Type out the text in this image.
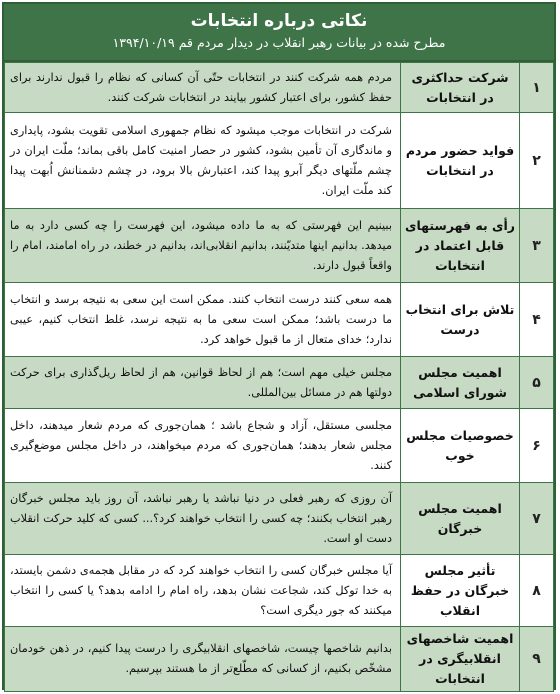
نکاتی درباره انتخابات
مطرح شده در بیانات رهبر انقلاب در دیدار مردم قم ۱۳۹۴/۱۰/۱۹
۱	شرکت حداکثری در انتخابات	مردم همه شرکت کنند در انتخابات حتّی آن کسانی که نظام را قبول ندارند برای حفظ کشور، برای اعتبار کشور بیایند در انتخابات شرکت کنند.
۲	فواید حضور مردم در انتخابات	شرکت در انتخابات موجب میشود که نظام جمهوری اسلامی تقویت بشود، پایداری و ماندگاری آن تأمین بشود، کشور در حصار امنیت کامل باقی بماند؛ ملّت ایران در چشم ملّتهای دیگر آبرو پیدا کند، اعتبارش بالا برود، در چشم دشمنانش اُبهت پیدا کند ملّت ایران.
۳	رأی به فهرستهای قابل اعتماد در انتخابات	ببینیم این فهرستی که به ما داده میشود، این فهرست را چه کسی دارد به ما میدهد. بدانیم اینها متدیّنند، بدانیم انقلابی‌اند، بدانیم در خطند، در راه امامند، امام را واقعاً قبول دارند.
۴	تلاش برای انتخاب درست	همه سعی کنند درست انتخاب کنند. ممکن است این سعی به نتیجه برسد و انتخاب ما درست باشد؛ ممکن است سعی ما به نتیجه نرسد، غلط انتخاب کنیم، عیبی ندارد؛ خدای متعال از ما قبول خواهد کرد.
۵	اهمیت مجلس شورای اسلامی	مجلس خیلی مهم است؛ هم از لحاظ قوانین، هم از لحاظ ریل‌گذاری برای حرکت دولتها هم در مسائل بین‌المللی.
۶	خصوصیات مجلس خوب	مجلسی مستقل، آزاد و شجاع باشد ؛ همان‌جوری که مردم شعار میدهند، داخل مجلس شعار بدهند؛ همان‌جوری که مردم میخواهند، در داخل مجلس موضع‌گیری کنند.
۷	اهمیت مجلس خبرگان	آن روزی که رهبر فعلی در دنیا نباشد یا رهبر نباشد، آن روز باید مجلس خبرگان رهبر انتخاب بکنند؛ چه کسی را انتخاب خواهند کرد؟... کسی که کلید حرکت انقلاب دست او است.
۸	تأثیر مجلس خبرگان در حفظ انقلاب	آیا مجلس خبرگان کسی را انتخاب خواهند کرد که در مقابل هجمه‌ی دشمن بایستد، به خدا توکل کند، شجاعت نشان بدهد، راه امام را ادامه بدهد؟ یا کسی را انتخاب میکنند که جور دیگری است؟
۹	اهمیت شاخصهای انقلابیگری در انتخابات	بدانیم شاخصها چیست، شاخصهای انقلابیگری را درست پیدا کنیم، در ذهن خودمان مشخّص بکنیم، از کسانی که مطّلع‌تر از ما هستند بپرسیم.
